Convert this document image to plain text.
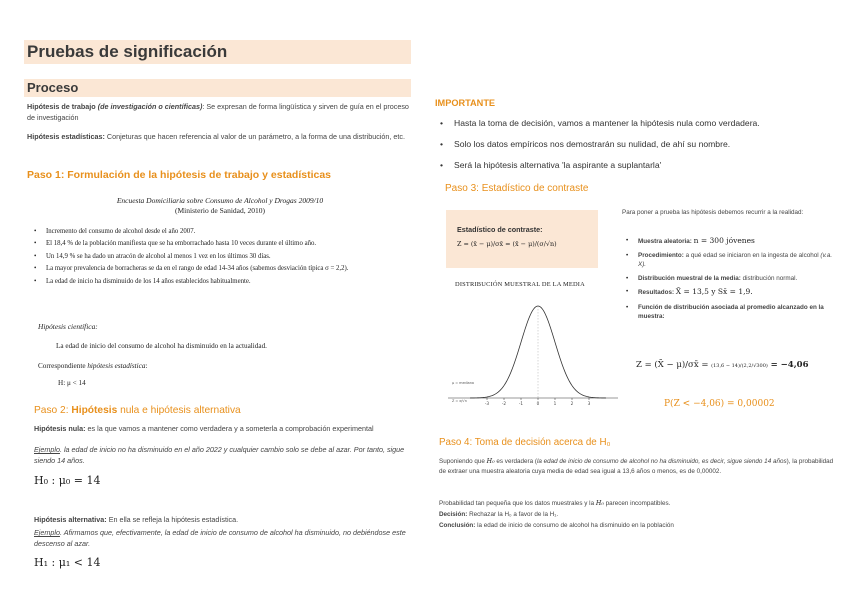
Pruebas de significación
Proceso
Hipótesis de trabajo (de investigación o científicas): Se expresan de forma lingüística y sirven de guía en el proceso de investigación
Hipótesis estadísticas: Conjeturas que hacen referencia al valor de un parámetro, a la forma de una distribución, etc.
Paso 1: Formulación de la hipótesis de trabajo y estadísticas
Encuesta Domiciliaria sobre Consumo de Alcohol y Drogas 2009/10
(Ministerio de Sanidad, 2010)
• Incremento del consumo de alcohol desde el año 2007.
• El 18,4 % de la población manifiesta que se ha emborrachado hasta 10 veces durante el último año.
• Un 14,9 % se ha dado un atracón de alcohol al menos 1 vez en los últimos 30 días.
• La mayor prevalencia de borracheras se da en el rango de edad 14-34 años (sabemos desviación típica σ = 2,2).
• La edad de inicio ha disminuido de los 14 años establecidos habitualmente.
Hipótesis científica:
La edad de inicio del consumo de alcohol ha disminuido en la actualidad.
Correspondiente hipótesis estadística:
H: μ < 14
Paso 2: Hipótesis nula e hipótesis alternativa
Hipótesis nula: es la que vamos a mantener como verdadera y a someterla a comprobación experimental
Ejemplo. la edad de inicio no ha disminuido en el año 2022 y cualquier cambio solo se debe al azar. Por tanto, sigue siendo 14 años.
H₀ : μ₀ = 14
Hipótesis alternativa: En ella se refleja la hipótesis estadística.
Ejemplo. Afirmamos que, efectivamente, la edad de inicio de consumo de alcohol ha disminuido, no debiéndose este descenso al azar.
H₁ : μ₁ < 14
IMPORTANTE
• Hasta la toma de decisión, vamos a mantener la hipótesis nula como verdadera.
• Solo los datos empíricos nos demostrarán su nulidad, de ahí su nombre.
• Será la hipótesis alternativa 'la aspirante a suplantarla'
Paso 3: Estadístico de contraste
Estadístico de contraste:
Z = (x̄ − μ)/σx̄ = (x̄ − μ)/(σ/√n)
DISTRIBUCIÓN MUESTRAL DE LA MEDIA
-3	-2	-1	0	1	2	3
μ = mediana
Z = σ/√n
Para poner a prueba las hipótesis debemos recurrir a la realidad:
• Muestra aleatoria: n = 300 jóvenes
• Procedimiento: a qué edad se iniciaron en la ingesta de alcohol (v.a. X).
• Distribución muestral de la media: distribución normal.
• Resultados: X̄ = 13,5 y Sx̄ = 1,9.
• Función de distribución asociada al promedio alcanzado en la muestra:
Z = (X̄ − μ)/σx̄ = (13,6 − 14)/(2,2/√300) = −4,06
P(Z < −4,06) = 0,00002
Paso 4: Toma de decisión acerca de H₀
Suponiendo que H₀ es verdadera (la edad de inicio de consumo de alcohol no ha disminuido, es decir, sigue siendo 14 años), la probabilidad de extraer una muestra aleatoria cuya media de edad sea igual a 13,6 años o menos, es de 0,00002.
Probabilidad tan pequeña que los datos muestrales y la H₀ parecen incompatibles.
Decisión: Rechazar la H₀ a favor de la H₁.
Conclusión: la edad de inicio de consumo de alcohol ha disminuido en la población
